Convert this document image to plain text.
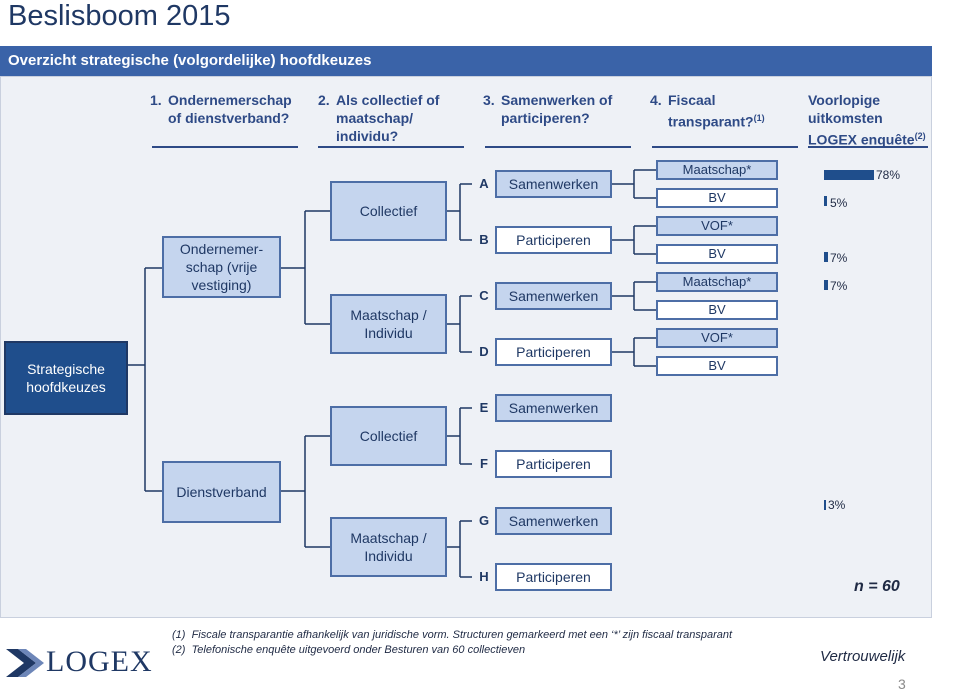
Beslisboom 2015
Overzicht strategische (volgordelijke) hoofdkeuzes
1. Ondernemerschap
of dienstverband?
2. Als collectief of
maatschap/
individu?
3. Samenwerken of
participeren?
4. Fiscaal
transparant?$^{(1)}$
Voorlopige
uitkomsten
LOGEX enquête$^{(2)}$
Strategische
hoofdkeuzes
Ondernemer-
schap (vrije
vestiging)
Dienstverband
Collectief
Maatschap /
Individu
Collectief
Maatschap /
Individu
A	Samenwerken
B	Participeren
C	Samenwerken
D	Participeren
E	Samenwerken
F	Participeren
G	Samenwerken
H	Participeren
Maatschap*
BV
VOF*
BV
Maatschap*
BV
VOF*
BV
78%
5%
7%
7%
3%
n = 60
(1) Fiscale transparantie afhankelijk van juridische vorm. Structuren gemarkeerd met een ‘*’ zijn fiscaal transparant
(2) Telefonische enquête uitgevoerd onder Besturen van 60 collectieven
LOGEX	Vertrouwelijk
3
